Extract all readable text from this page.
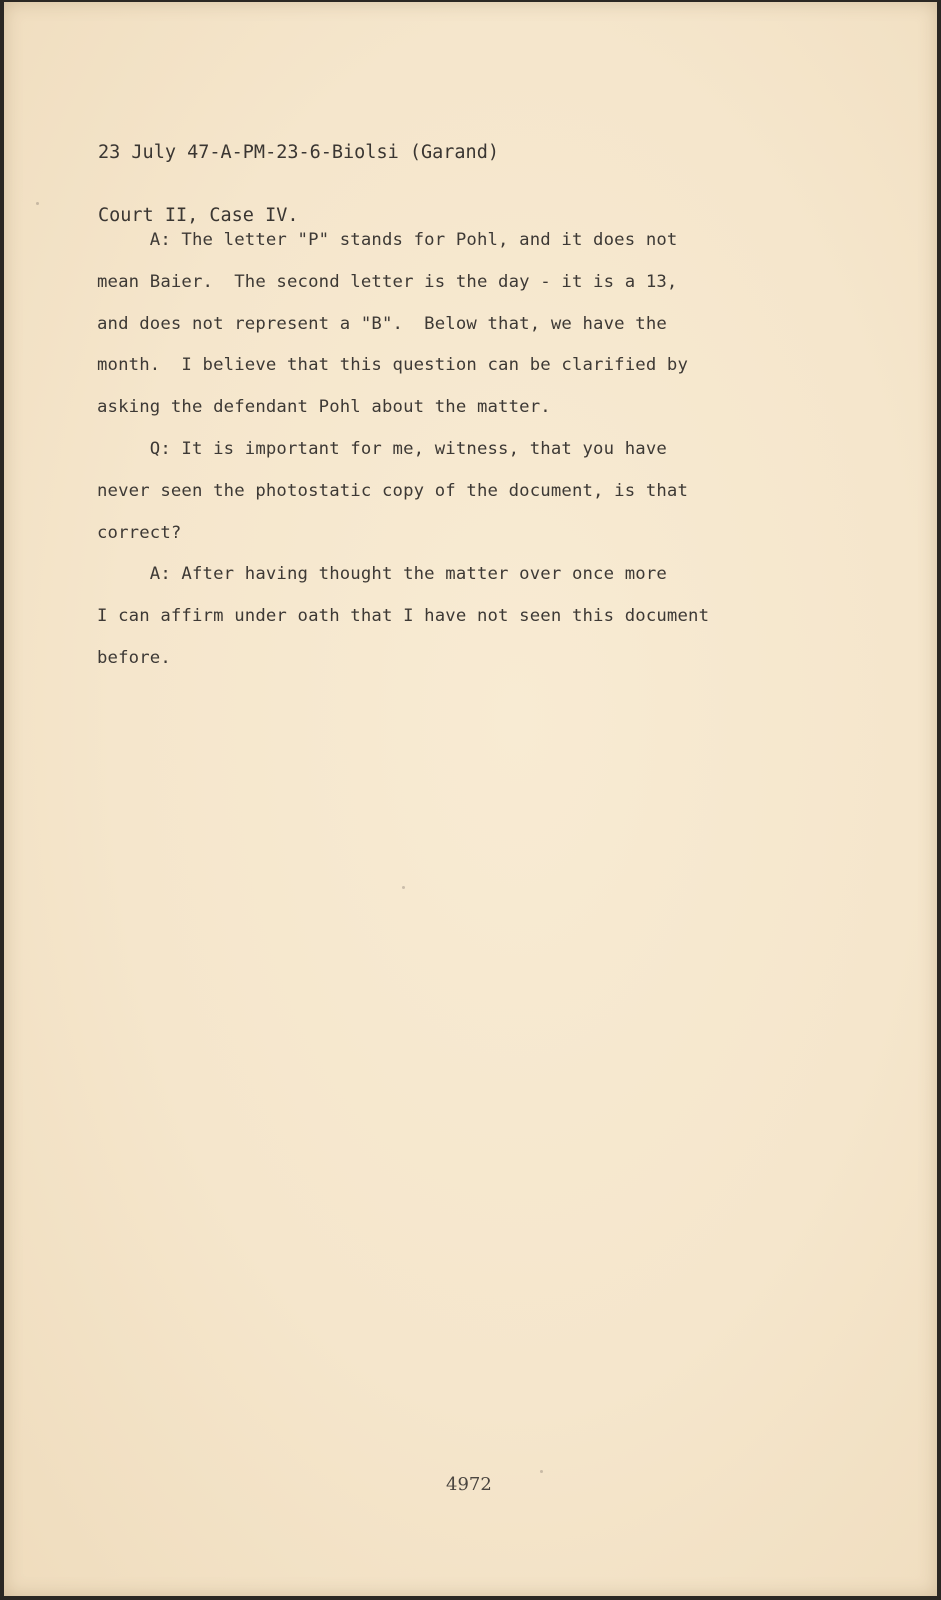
23 July 47-A-PM-23-6-Biolsi (Garand)

Court II, Case IV.

A: The letter "P" stands for Pohl, and it does not
mean Baier.  The second letter is the day - it is a 13,
and does not represent a "B".  Below that, we have the
month.  I believe that this question can be clarified by
asking the defendant Pohl about the matter.
Q: It is important for me, witness, that you have
never seen the photostatic copy of the document, is that
correct?
A: After having thought the matter over once more
I can affirm under oath that I have not seen this document
before.
4972
